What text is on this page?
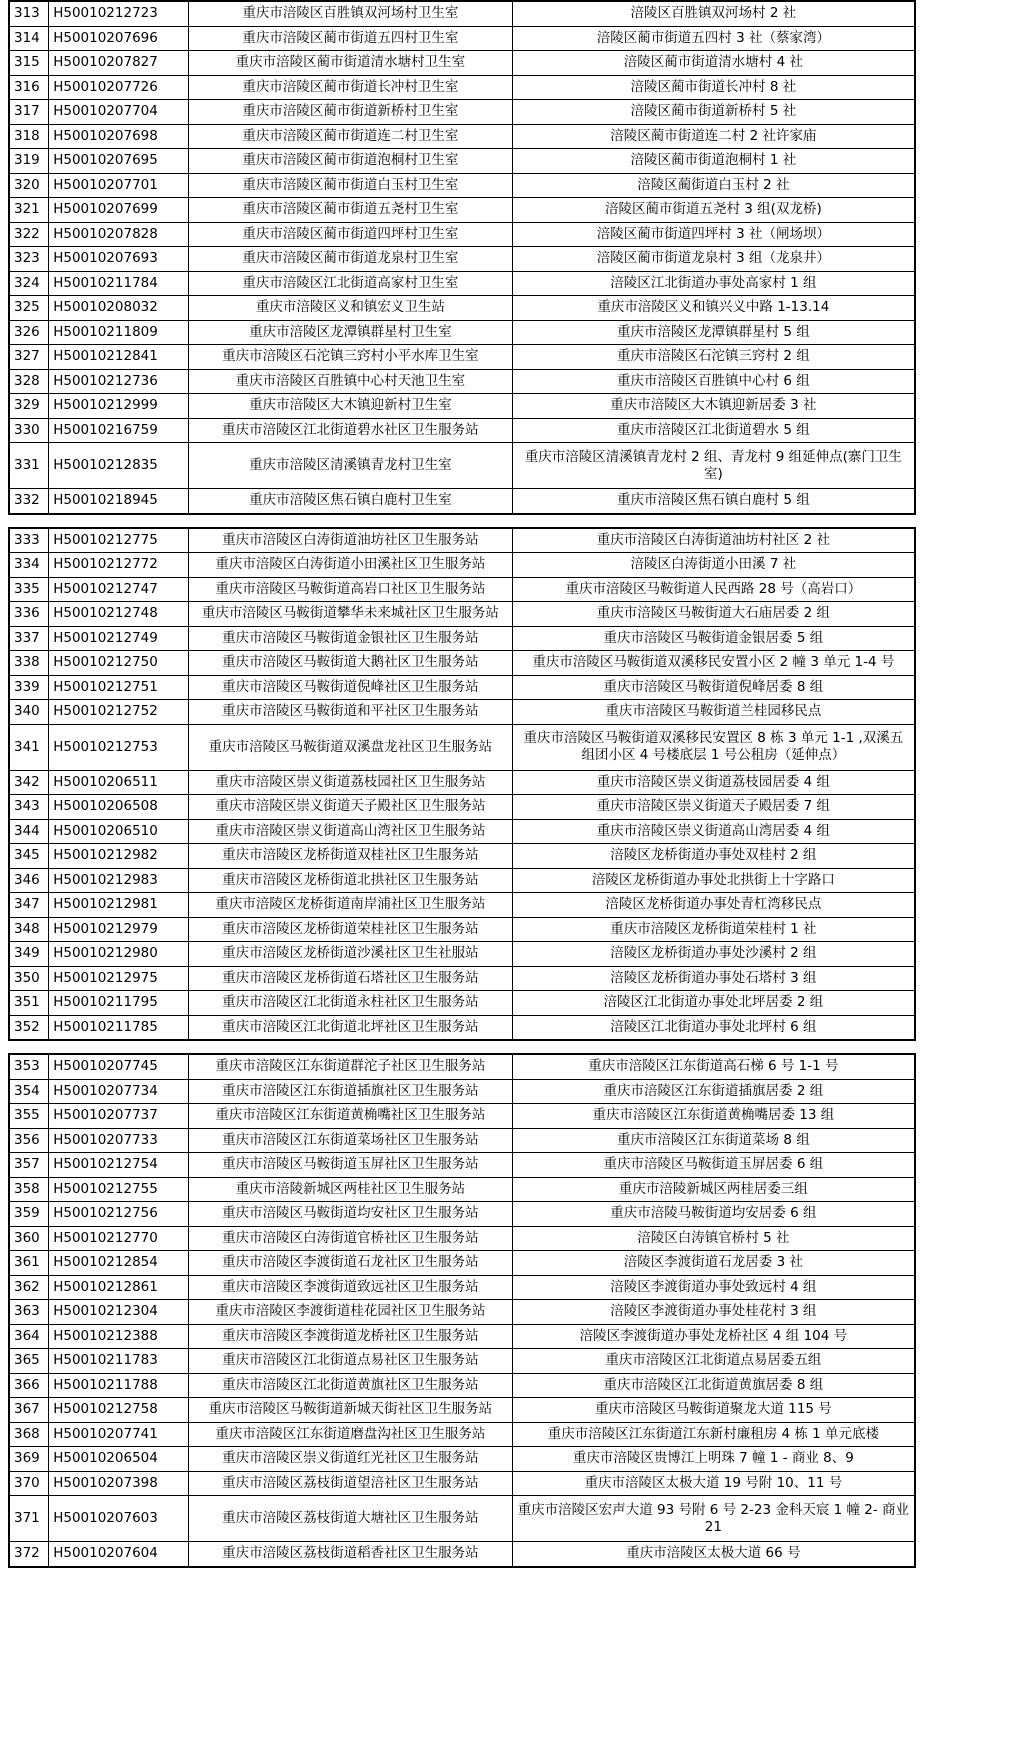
313	H50010212723	重庆市涪陵区百胜镇双河场村卫生室	涪陵区百胜镇双河场村 2 社
314	H50010207696	重庆市涪陵区蔺市街道五四村卫生室	涪陵区蔺市街道五四村 3 社（蔡家湾）
315	H50010207827	重庆市涪陵区蔺市街道清水塘村卫生室	涪陵区蔺市街道清水塘村 4 社
316	H50010207726	重庆市涪陵区蔺市街道长冲村卫生室	涪陵区蔺市街道长冲村 8 社
317	H50010207704	重庆市涪陵区蔺市街道新桥村卫生室	涪陵区蔺市街道新桥村 5 社
318	H50010207698	重庆市涪陵区蔺市街道连二村卫生室	涪陵区蔺市街道连二村 2 社许家庙
319	H50010207695	重庆市涪陵区蔺市街道泡桐村卫生室	涪陵区蔺市街道泡桐村 1 社
320	H50010207701	重庆市涪陵区蔺市街道白玉村卫生室	涪陵区蔺街道白玉村 2 社
321	H50010207699	重庆市涪陵区蔺市街道五尧村卫生室	涪陵区蔺市街道五尧村 3 组(双龙桥)
322	H50010207828	重庆市涪陵区蔺市街道四坪村卫生室	涪陵区蔺市街道四坪村 3 社（闸场坝）
323	H50010207693	重庆市涪陵区蔺市街道龙泉村卫生室	涪陵区蔺市街道龙泉村 3 组（龙泉井）
324	H50010211784	重庆市涪陵区江北街道高家村卫生室	涪陵区江北街道办事处高家村 1 组
325	H50010208032	重庆市涪陵区义和镇宏义卫生站	重庆市涪陵区义和镇兴义中路 1-13.14
326	H50010211809	重庆市涪陵区龙潭镇群星村卫生室	重庆市涪陵区龙潭镇群星村 5 组
327	H50010212841	重庆市涪陵区石沱镇三窍村小平水库卫生室	重庆市涪陵区石沱镇三窍村 2 组
328	H50010212736	重庆市涪陵区百胜镇中心村天池卫生室	重庆市涪陵区百胜镇中心村 6 组
329	H50010212999	重庆市涪陵区大木镇迎新村卫生室	重庆市涪陵区大木镇迎新居委 3 社
330	H50010216759	重庆市涪陵区江北街道碧水社区卫生服务站	重庆市涪陵区江北街道碧水 5 组
331	H50010212835	重庆市涪陵区清溪镇青龙村卫生室	重庆市涪陵区清溪镇青龙村 2 组、青龙村 9 组延伸点(寨门卫生室)
332	H50010218945	重庆市涪陵区焦石镇白鹿村卫生室	重庆市涪陵区焦石镇白鹿村 5 组
333	H50010212775	重庆市涪陵区白涛街道油坊社区卫生服务站	重庆市涪陵区白涛街道油坊村社区 2 社
334	H50010212772	重庆市涪陵区白涛街道小田溪社区卫生服务站	涪陵区白涛街道小田溪 7 社
335	H50010212747	重庆市涪陵区马鞍街道高岩口社区卫生服务站	重庆市涪陵区马鞍街道人民西路 28 号（高岩口）
336	H50010212748	重庆市涪陵区马鞍街道攀华未来城社区卫生服务站	重庆市涪陵区马鞍街道大石庙居委 2 组
337	H50010212749	重庆市涪陵区马鞍街道金银社区卫生服务站	重庆市涪陵区马鞍街道金银居委 5 组
338	H50010212750	重庆市涪陵区马鞍街道大鹅社区卫生服务站	重庆市涪陵区马鞍街道双溪移民安置小区 2 幢 3 单元 1-4 号
339	H50010212751	重庆市涪陵区马鞍街道倪峰社区卫生服务站	重庆市涪陵区马鞍街道倪峰居委 8 组
340	H50010212752	重庆市涪陵区马鞍街道和平社区卫生服务站	重庆市涪陵区马鞍街道兰桂园移民点
341	H50010212753	重庆市涪陵区马鞍街道双溪盘龙社区卫生服务站	重庆市涪陵区马鞍街道双溪移民安置区 8 栋 3 单元 1-1 ,双溪五组团小区 4 号楼底层 1 号公租房（延伸点）
342	H50010206511	重庆市涪陵区崇义街道荔枝园社区卫生服务站	重庆市涪陵区崇义街道荔枝园居委 4 组
343	H50010206508	重庆市涪陵区崇义街道天子殿社区卫生服务站	重庆市涪陵区崇义街道天子殿居委 7 组
344	H50010206510	重庆市涪陵区崇义街道高山湾社区卫生服务站	重庆市涪陵区崇义街道高山湾居委 4 组
345	H50010212982	重庆市涪陵区龙桥街道双桂社区卫生服务站	涪陵区龙桥街道办事处双桂村 2 组
346	H50010212983	重庆市涪陵区龙桥街道北拱社区卫生服务站	涪陵区龙桥街道办事处北拱街上十字路口
347	H50010212981	重庆市涪陵区龙桥街道南岸浦社区卫生服务站	涪陵区龙桥街道办事处青杠湾移民点
348	H50010212979	重庆市涪陵区龙桥街道荣桂社区卫生服务站	重庆市涪陵区龙桥街道荣桂村 1 社
349	H50010212980	重庆市涪陵区龙桥街道沙溪社区卫生社服站	涪陵区龙桥街道办事处沙溪村 2 组
350	H50010212975	重庆市涪陵区龙桥街道石塔社区卫生服务站	涪陵区龙桥街道办事处石塔村 3 组
351	H50010211795	重庆市涪陵区江北街道永柱社区卫生服务站	涪陵区江北街道办事处北坪居委 2 组
352	H50010211785	重庆市涪陵区江北街道北坪社区卫生服务站	涪陵区江北街道办事处北坪村 6 组
353	H50010207745	重庆市涪陵区江东街道群沱子社区卫生服务站	重庆市涪陵区江东街道高石梯 6 号 1-1 号
354	H50010207734	重庆市涪陵区江东街道插旗社区卫生服务站	重庆市涪陵区江东街道插旗居委 2 组
355	H50010207737	重庆市涪陵区江东街道黄桷嘴社区卫生服务站	重庆市涪陵区江东街道黄桷嘴居委 13 组
356	H50010207733	重庆市涪陵区江东街道菜场社区卫生服务站	重庆市涪陵区江东街道菜场 8 组
357	H50010212754	重庆市涪陵区马鞍街道玉屏社区卫生服务站	重庆市涪陵区马鞍街道玉屏居委 6 组
358	H50010212755	重庆市涪陵新城区两桂社区卫生服务站	重庆市涪陵新城区两桂居委三组
359	H50010212756	重庆市涪陵区马鞍街道均安社区卫生服务站	重庆市涪陵马鞍街道均安居委 6 组
360	H50010212770	重庆市涪陵区白涛街道官桥社区卫生服务站	涪陵区白涛镇官桥村 5 社
361	H50010212854	重庆市涪陵区李渡街道石龙社区卫生服务站	涪陵区李渡街道石龙居委 3 社
362	H50010212861	重庆市涪陵区李渡街道致远社区卫生服务站	涪陵区李渡街道办事处致远村 4 组
363	H50010212304	重庆市涪陵区李渡街道桂花园社区卫生服务站	涪陵区李渡街道办事处桂花村 3 组
364	H50010212388	重庆市涪陵区李渡街道龙桥社区卫生服务站	涪陵区李渡街道办事处龙桥社区 4 组 104 号
365	H50010211783	重庆市涪陵区江北街道点易社区卫生服务站	重庆市涪陵区江北街道点易居委五组
366	H50010211788	重庆市涪陵区江北街道黄旗社区卫生服务站	重庆市涪陵区江北街道黄旗居委 8 组
367	H50010212758	重庆市涪陵区马鞍街道新城天街社区卫生服务站	重庆市涪陵区马鞍街道聚龙大道 115 号
368	H50010207741	重庆市涪陵区江东街道磨盘沟社区卫生服务站	重庆市涪陵区江东街道江东新村廉租房 4 栋 1 单元底楼
369	H50010206504	重庆市涪陵区崇义街道红光社区卫生服务站	重庆市涪陵区贵博江上明珠 7 幢 1 - 商业 8、9
370	H50010207398	重庆市涪陵区荔枝街道望涪社区卫生服务站	重庆市涪陵区太极大道 19 号附 10、11 号
371	H50010207603	重庆市涪陵区荔枝街道大塘社区卫生服务站	重庆市涪陵区宏声大道 93 号附 6 号 2-23 金科天宸 1 幢 2- 商业 21
372	H50010207604	重庆市涪陵区荔枝街道稻香社区卫生服务站	重庆市涪陵区太极大道 66 号
